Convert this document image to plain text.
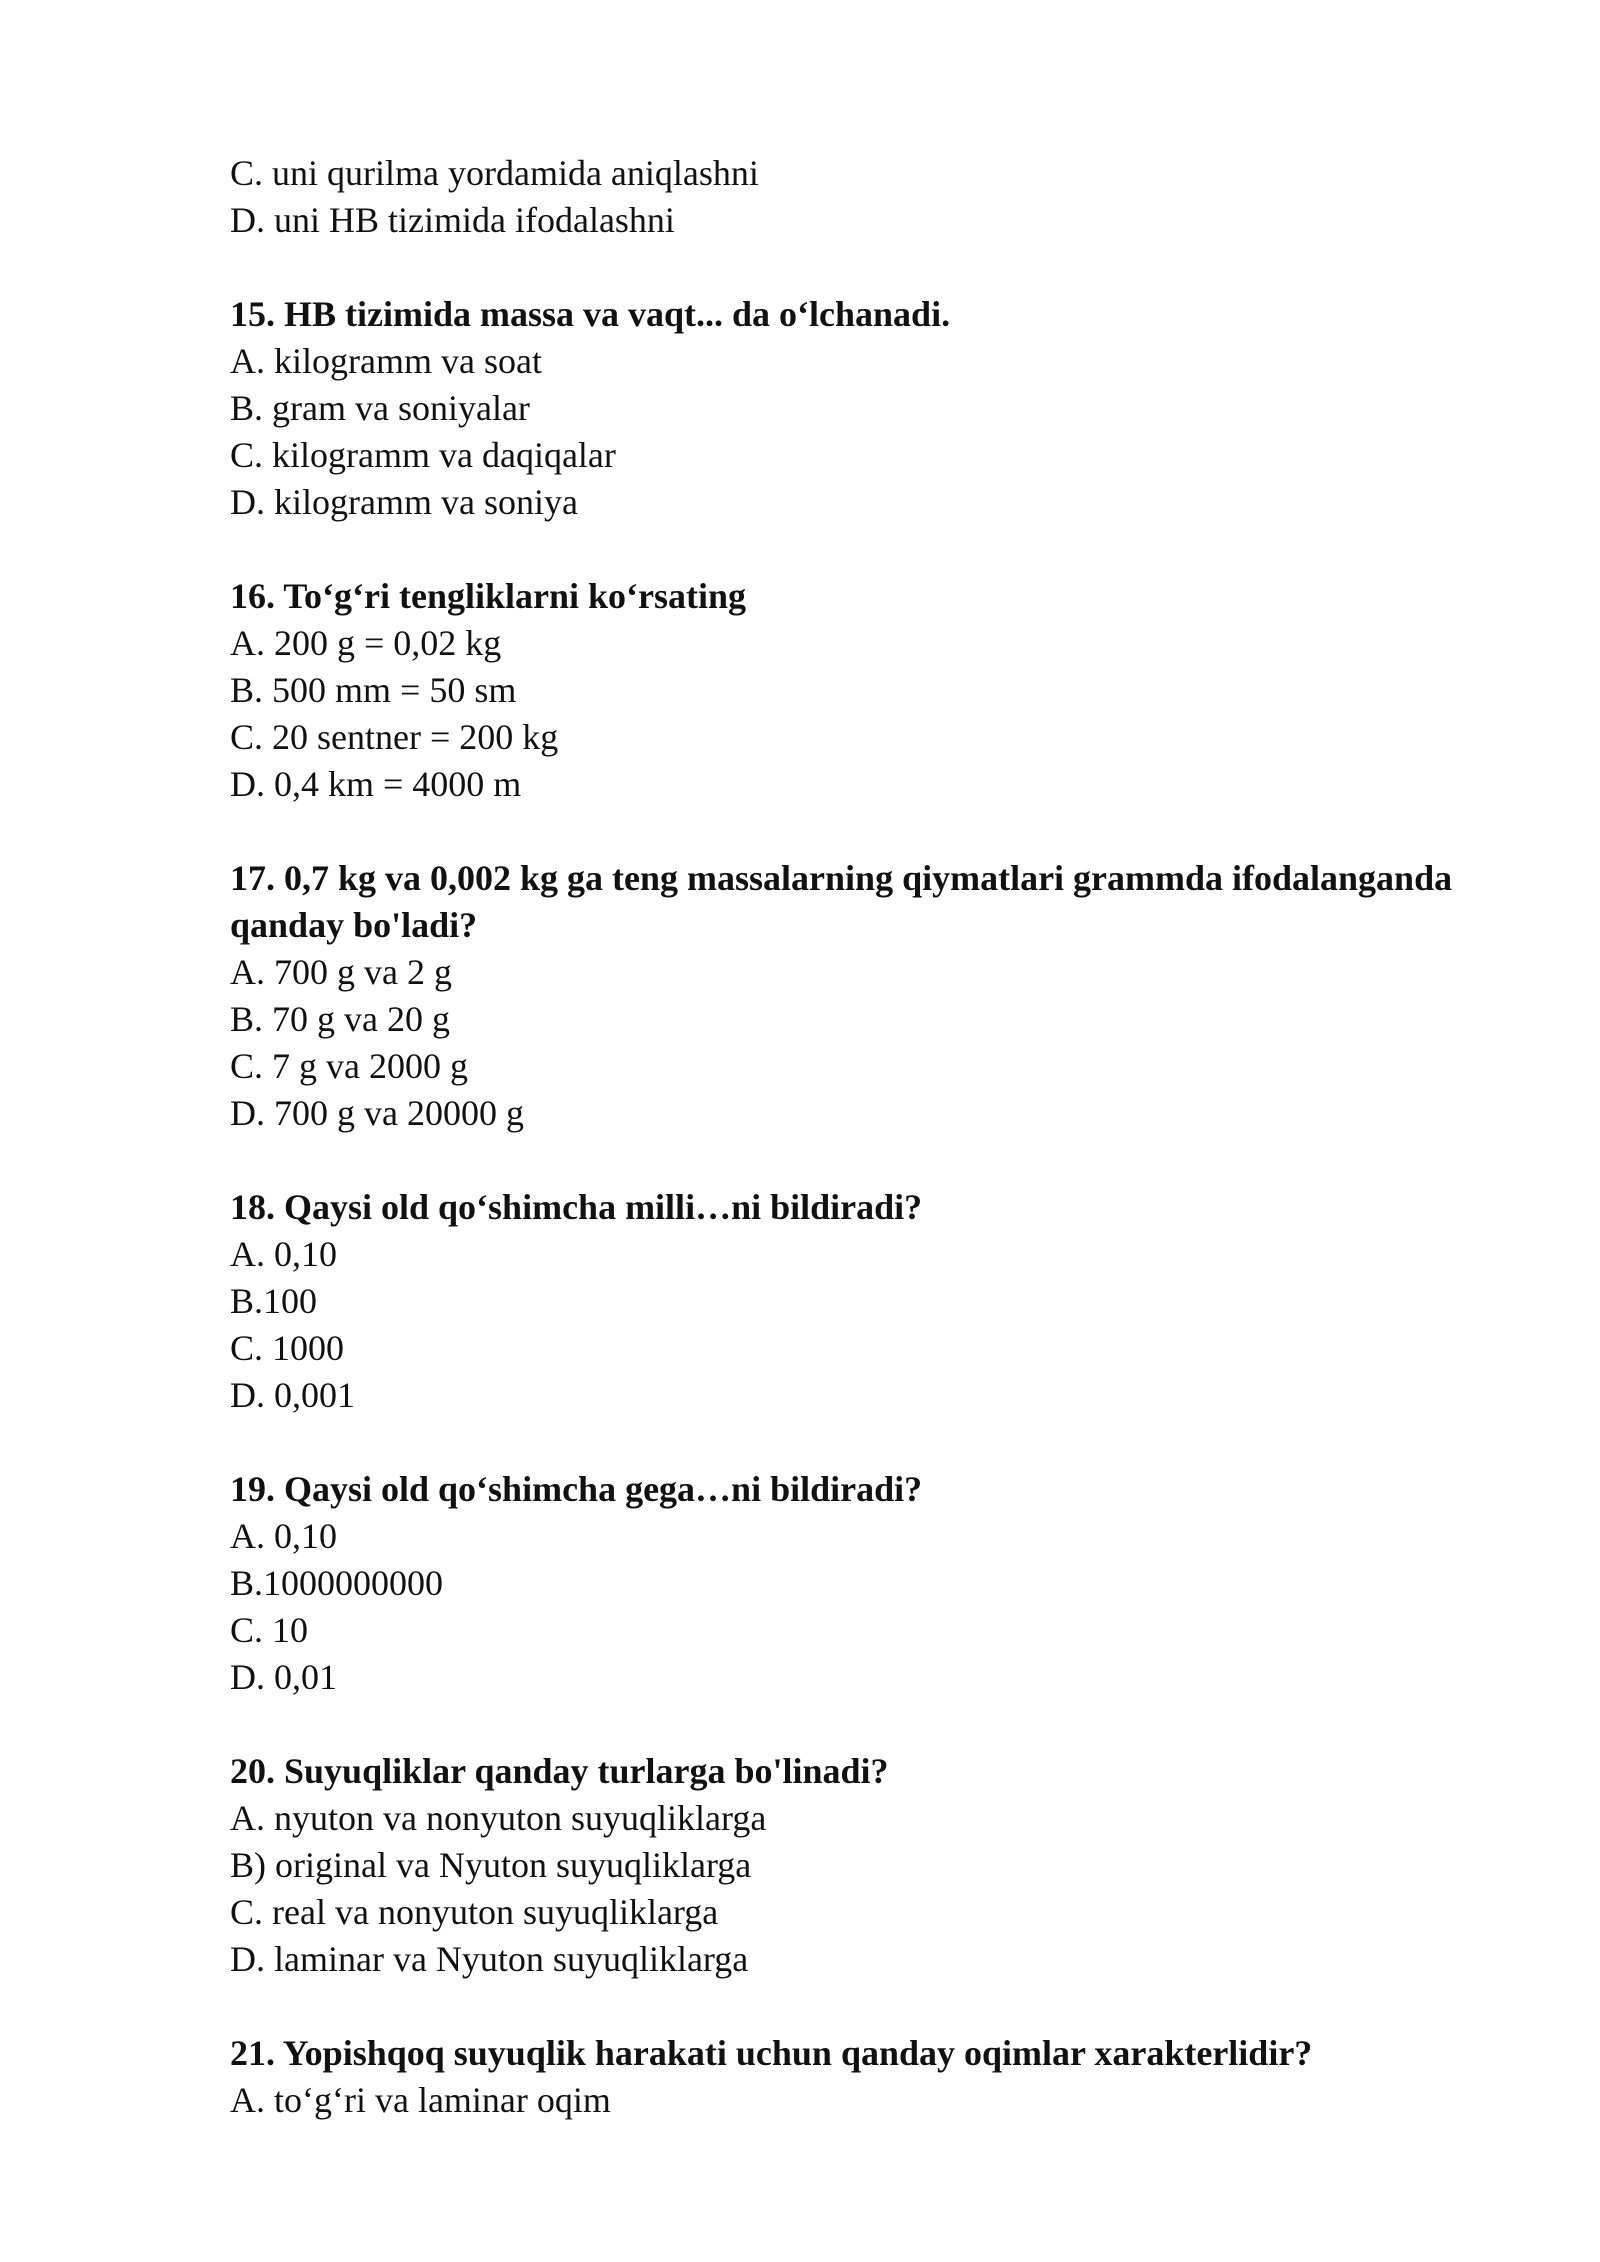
C. uni qurilma yordamida aniqlashni

D. uni HB tizimida ifodalashni

15. HB tizimida massa va vaqt... da o‘lchanadi.

A. kilogramm va soat

B. gram va soniyalar

C. kilogramm va daqiqalar

D. kilogramm va soniya

16. To‘g‘ri tengliklarni ko‘rsating

A. 200 g = 0,02 kg

B. 500 mm = 50 sm

C. 20 sentner = 200 kg

D. 0,4 km = 4000 m

17. 0,7 kg va 0,002 kg ga teng massalarning qiymatlari grammda ifodalanganda

qanday bo'ladi?

A. 700 g va 2 g

B. 70 g va 20 g

C. 7 g va 2000 g

D. 700 g va 20000 g

18. Qaysi old qo‘shimcha milli…ni bildiradi?

A. 0,10

B.100

C. 1000

D. 0,001

19. Qaysi old qo‘shimcha gega…ni bildiradi?

A. 0,10

B.1000000000

C. 10

D. 0,01

20. Suyuqliklar qanday turlarga bo'linadi?

A. nyuton va nonyuton suyuqliklarga

B) original va Nyuton suyuqliklarga

C. real va nonyuton suyuqliklarga

D. laminar va Nyuton suyuqliklarga

21. Yopishqoq suyuqlik harakati uchun qanday oqimlar xarakterlidir?

A. to‘g‘ri va laminar oqim
